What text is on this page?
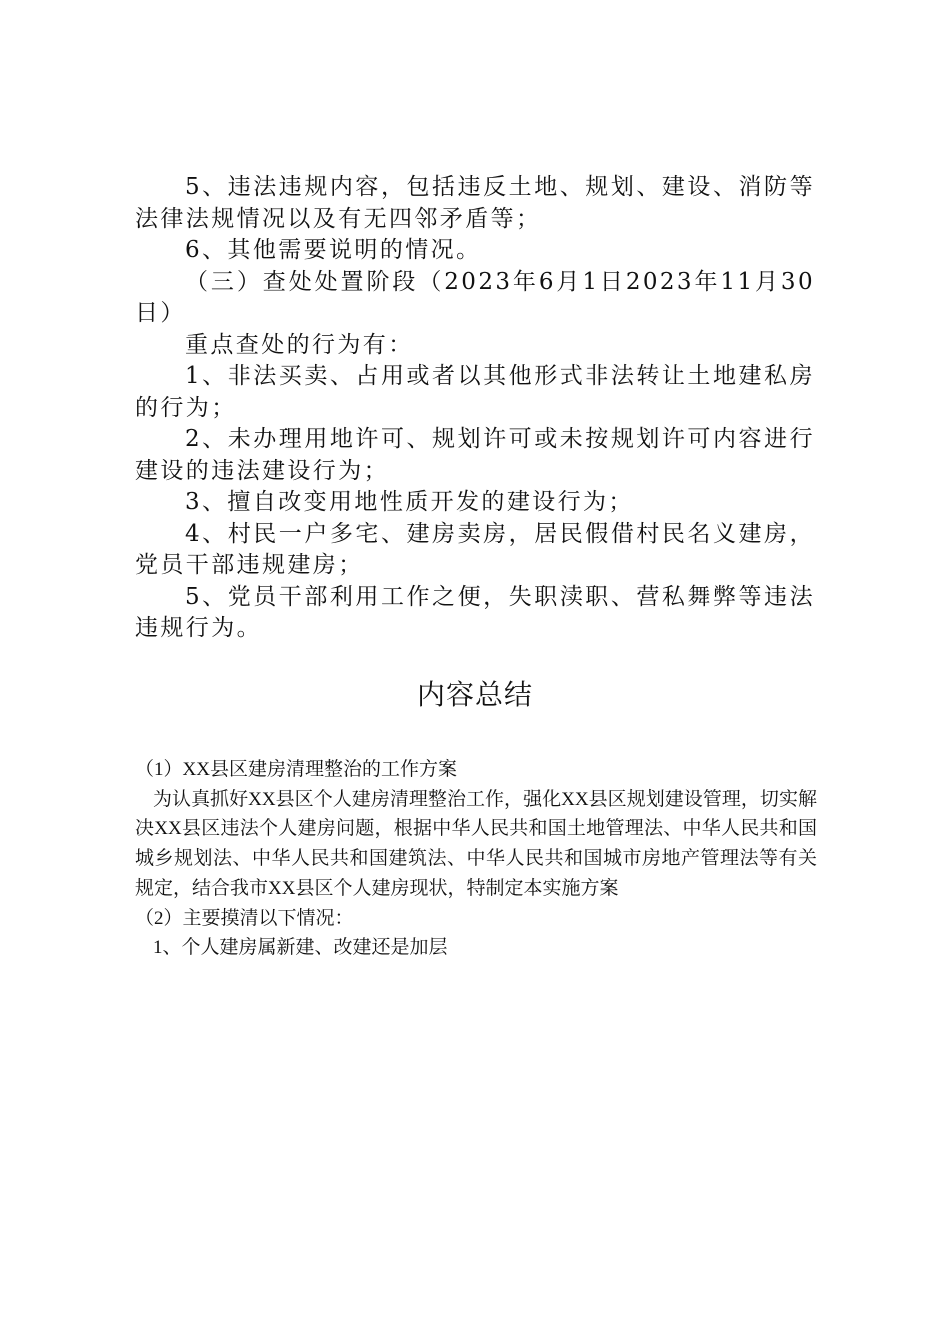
5、违法违规内容，包括违反土地、规划、建设、消防等法律法规情况以及有无四邻矛盾等；

6、其他需要说明的情况。

（三）查处处置阶段（2023年6月1日2023年11月30日）

重点查处的行为有：

1、非法买卖、占用或者以其他形式非法转让土地建私房的行为；

2、未办理用地许可、规划许可或未按规划许可内容进行建设的违法建设行为；

3、擅自改变用地性质开发的建设行为；

4、村民一户多宅、建房卖房，居民假借村民名义建房，党员干部违规建房；

5、党员干部利用工作之便，失职渎职、营私舞弊等违法违规行为。

内容总结

（1）XX县区建房清理整治的工作方案

为认真抓好XX县区个人建房清理整治工作，强化XX县区规划建设管理，切实解决XX县区违法个人建房问题，根据中华人民共和国土地管理法、中华人民共和国城乡规划法、中华人民共和国建筑法、中华人民共和国城市房地产管理法等有关规定，结合我市XX县区个人建房现状，特制定本实施方案

（2）主要摸清以下情况：

1、个人建房属新建、改建还是加层
